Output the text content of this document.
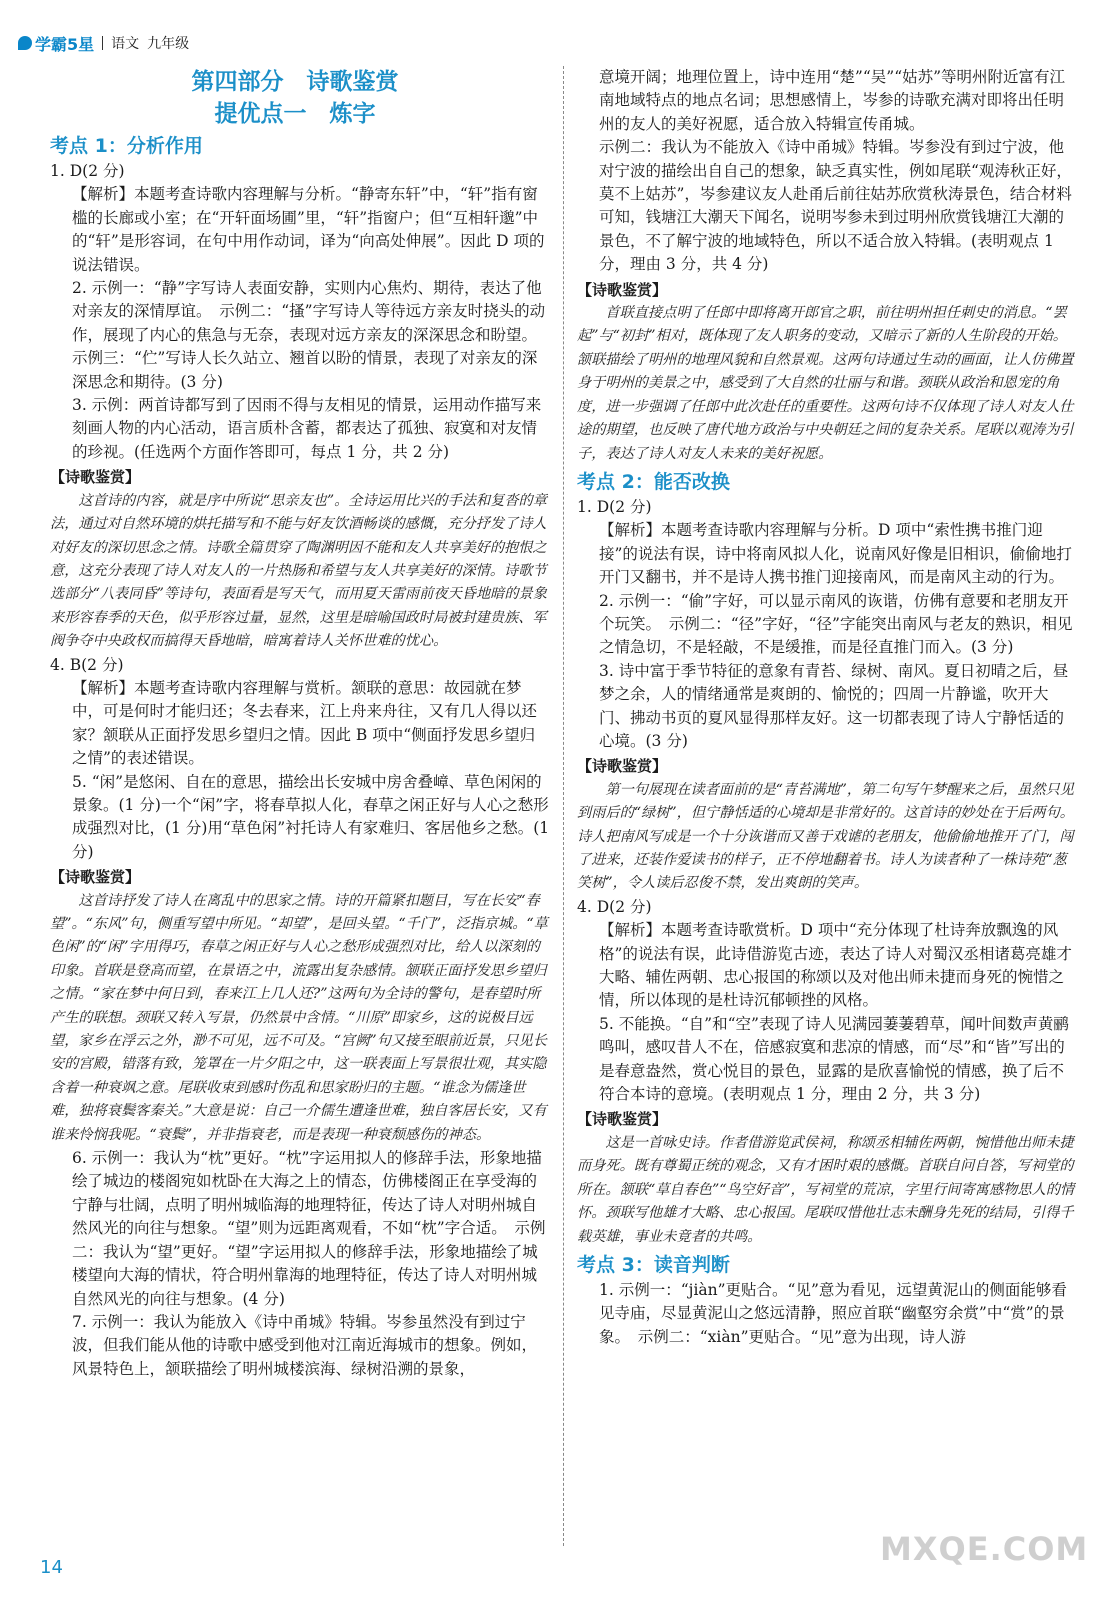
学霸5星 语文 九年级
第四部分　诗歌鉴赏
提优点一　炼字
考点 1：分析作用

1. D(2 分)

【解析】本题考查诗歌内容理解与分析。“静寄东轩”中，“轩”指有窗槛的长廊或小室；在“开轩面场圃”里，“轩”指窗户；但“互相轩邈”中的“轩”是形容词，在句中用作动词，译为“向高处伸展”。因此 D 项的说法错误。

2. 示例一：“静”字写诗人表面安静，实则内心焦灼、期待，表达了他对亲友的深情厚谊。　示例二：“搔”字写诗人等待远方亲友时挠头的动作，展现了内心的焦急与无奈，表现对远方亲友的深深思念和盼望。　示例三：“伫”写诗人长久站立、翘首以盼的情景，表现了对亲友的深深思念和期待。(3 分)

3. 示例：两首诗都写到了因雨不得与友相见的情景，运用动作描写来刻画人物的内心活动，语言质朴含蓄，都表达了孤独、寂寞和对友情的珍视。(任选两个方面作答即可，每点 1 分，共 2 分)

【诗歌鉴赏】

这首诗的内容，就是序中所说“思亲友也”。全诗运用比兴的手法和复沓的章法，通过对自然环境的烘托描写和不能与好友饮酒畅谈的感慨，充分抒发了诗人对好友的深切思念之情。诗歌全篇贯穿了陶渊明因不能和友人共享美好的抱恨之意，这充分表现了诗人对友人的一片热肠和希望与友人共享美好的深情。诗歌节选部分“八表同昏”等诗句，表面看是写天气，而用夏天雷雨前夜天昏地暗的景象来形容春季的天色，似乎形容过量，显然，这里是暗喻国政时局被封建贵族、军阀争夺中央政权而搞得天昏地暗，暗寓着诗人关怀世难的忧心。

4. B(2 分)

【解析】本题考查诗歌内容理解与赏析。颔联的意思：故园就在梦中，可是何时才能归还；冬去春来，江上舟来舟往，又有几人得以还家？颔联从正面抒发思乡望归之情。因此 B 项中“侧面抒发思乡望归之情”的表述错误。

5. “闲”是悠闲、自在的意思，描绘出长安城中房舍叠嶂、草色闲闲的景象。(1 分)一个“闲”字，将春草拟人化，春草之闲正好与人心之愁形成强烈对比，(1 分)用“草色闲”衬托诗人有家难归、客居他乡之愁。(1 分)

【诗歌鉴赏】

这首诗抒发了诗人在离乱中的思家之情。诗的开篇紧扣题目，写在长安“春望”。“东风”句，侧重写望中所见。“却望”，是回头望。“千门”，泛指京城。“草色闲”的“闲”字用得巧，春草之闲正好与人心之愁形成强烈对比，给人以深刻的印象。首联是登高而望，在景语之中，流露出复杂感情。颔联正面抒发思乡望归之情。“家在梦中何日到，春来江上几人还?”这两句为全诗的警句，是春望时所产生的联想。颈联又转入写景，仍然景中含情。“川原”即家乡，这的说极目远望，家乡在浮云之外，渺不可见，远不可及。“宫阙”句又接至眼前近景，只见长安的宫殿，错落有致，笼罩在一片夕阳之中，这一联表面上写景很壮观，其实隐含着一种衰飒之意。尾联收束到感时伤乱和思家盼归的主题。“谁念为儒逢世难，独将衰鬓客秦关。”大意是说：自己一介儒生遭逢世难，独自客居长安，又有谁来怜悯我呢。“衰鬓”，并非指衰老，而是表现一种衰颓感伤的神态。

6. 示例一：我认为“枕”更好。“枕”字运用拟人的修辞手法，形象地描绘了城边的楼阁宛如枕卧在大海之上的情态，仿佛楼阁正在享受海的宁静与壮阔，点明了明州城临海的地理特征，传达了诗人对明州城自然风光的向往与想象。“望”则为远距离观看，不如“枕”字合适。　示例二：我认为“望”更好。“望”字运用拟人的修辞手法，形象地描绘了城楼望向大海的情状，符合明州靠海的地理特征，传达了诗人对明州城自然风光的向往与想象。(4 分)

7. 示例一：我认为能放入《诗中甬城》特辑。岑参虽然没有到过宁波，但我们能从他的诗歌中感受到他对江南近海城市的想象。例如，风景特色上，颔联描绘了明州城楼滨海、绿树沿溯的景象，

意境开阔；地理位置上，诗中连用“楚”“吴”“姑苏”等明州附近富有江南地域特点的地点名词；思想感情上，岑参的诗歌充满对即将出任明州的友人的美好祝愿，适合放入特辑宣传甬城。

示例二：我认为不能放入《诗中甬城》特辑。岑参没有到过宁波，他对宁波的描绘出自自己的想象，缺乏真实性，例如尾联“观涛秋正好，莫不上姑苏”，岑参建议友人赴甬后前往姑苏欣赏秋涛景色，结合材料可知，钱塘江大潮天下闻名，说明岑参未到过明州欣赏钱塘江大潮的景色，不了解宁波的地域特色，所以不适合放入特辑。(表明观点 1 分，理由 3 分，共 4 分)

【诗歌鉴赏】

首联直接点明了任郎中即将离开郎官之职，前往明州担任刺史的消息。“罢起”与“初封”相对，既体现了友人职务的变动，又暗示了新的人生阶段的开始。颔联描绘了明州的地理风貌和自然景观。这两句诗通过生动的画面，让人仿佛置身于明州的美景之中，感受到了大自然的壮丽与和谐。颈联从政治和恩宠的角度，进一步强调了任郎中此次赴任的重要性。这两句诗不仅体现了诗人对友人仕途的期望，也反映了唐代地方政治与中央朝廷之间的复杂关系。尾联以观涛为引子，表达了诗人对友人未来的美好祝愿。

考点 2：能否改换

1. D(2 分)

【解析】本题考查诗歌内容理解与分析。D 项中“索性携书推门迎接”的说法有误，诗中将南风拟人化，说南风好像是旧相识，偷偷地打开门又翻书，并不是诗人携书推门迎接南风，而是南风主动的行为。

2. 示例一：“偷”字好，可以显示南风的诙谐，仿佛有意要和老朋友开个玩笑。　示例二：“径”字好，“径”字能突出南风与老友的熟识，相见之情急切，不是轻敲，不是缓推，而是径直推门而入。(3 分)

3. 诗中富于季节特征的意象有青苔、绿树、南风。夏日初晴之后，昼梦之余，人的情绪通常是爽朗的、愉悦的；四周一片静谧，吹开大门、拂动书页的夏风显得那样友好。这一切都表现了诗人宁静恬适的心境。(3 分)

【诗歌鉴赏】

第一句展现在读者面前的是“青苔满地”，第二句写午梦醒来之后，虽然只见到雨后的“绿树”，但宁静恬适的心境却是非常好的。这首诗的妙处在于后两句。诗人把南风写成是一个十分诙谐而又善于戏谑的老朋友，他偷偷地推开了门，闯了进来，还装作爱读书的样子，正不停地翻着书。诗人为读者种了一株诗苑“葱笑树”，令人读后忍俊不禁，发出爽朗的笑声。

4. D(2 分)

【解析】本题考查诗歌赏析。D 项中“充分体现了杜诗奔放飘逸的风格”的说法有误，此诗借游览古迹，表达了诗人对蜀汉丞相诸葛亮雄才大略、辅佐两朝、忠心报国的称颂以及对他出师未捷而身死的惋惜之情，所以体现的是杜诗沉郁顿挫的风格。

5. 不能换。“自”和“空”表现了诗人见满园萋萋碧草，闻叶间数声黄鹂鸣叫，感叹昔人不在，倍感寂寞和悲凉的情感，而“尽”和“皆”写出的是春意盎然，赏心悦目的景色，显露的是欣喜愉悦的情感，换了后不符合本诗的意境。(表明观点 1 分，理由 2 分，共 3 分)

【诗歌鉴赏】

这是一首咏史诗。作者借游览武侯祠，称颂丞相辅佐两朝，惋惜他出师未捷而身死。既有尊蜀正统的观念，又有才困时艰的感慨。首联自问自答，写祠堂的所在。颔联“草自春色”“鸟空好音”，写祠堂的荒凉，字里行间寄寓感物思人的情怀。颈联写他雄才大略、忠心报国。尾联叹惜他壮志未酬身先死的结局，引得千载英雄，事业未竟者的共鸣。

考点 3：读音判断

1. 示例一：“jiàn”更贴合。“见”意为看见，远望黄泥山的侧面能够看见寺庙，尽显黄泥山之悠远清静，照应首联“幽壑穷余赏”中“赏”的景象。　示例二：“xiàn”更贴合。“见”意为出现，诗人游

14	MXQE.COM
